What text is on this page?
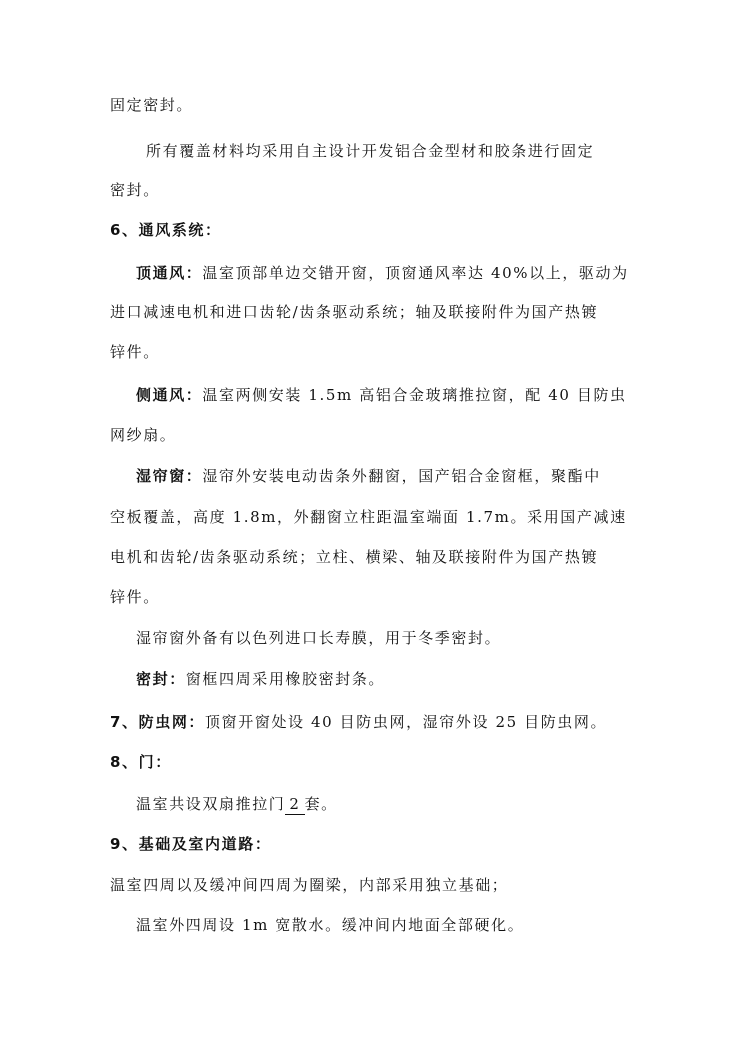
固定密封。
所有覆盖材料均采用自主设计开发铝合金型材和胶条进行固定
密封。
6、通风系统：
顶通风：温室顶部单边交错开窗，顶窗通风率达 40%以上，驱动为
进口减速电机和进口齿轮/齿条驱动系统；轴及联接附件为国产热镀
锌件。
侧通风：温室两侧安装 1.5m 高铝合金玻璃推拉窗，配 40 目防虫
网纱扇。
湿帘窗：湿帘外安装电动齿条外翻窗，国产铝合金窗框，聚酯中
空板覆盖，高度 1.8m，外翻窗立柱距温室端面 1.7m。采用国产减速
电机和齿轮/齿条驱动系统；立柱、横梁、轴及联接附件为国产热镀
锌件。
湿帘窗外备有以色列进口长寿膜，用于冬季密封。
密封：窗框四周采用橡胶密封条。
7、防虫网：顶窗开窗处设 40 目防虫网，湿帘外设 25 目防虫网。
8、门：
温室共设双扇推拉门 2 套。
9、基础及室内道路：
温室四周以及缓冲间四周为圈梁，内部采用独立基础；
温室外四周设 1m 宽散水。缓冲间内地面全部硬化。
